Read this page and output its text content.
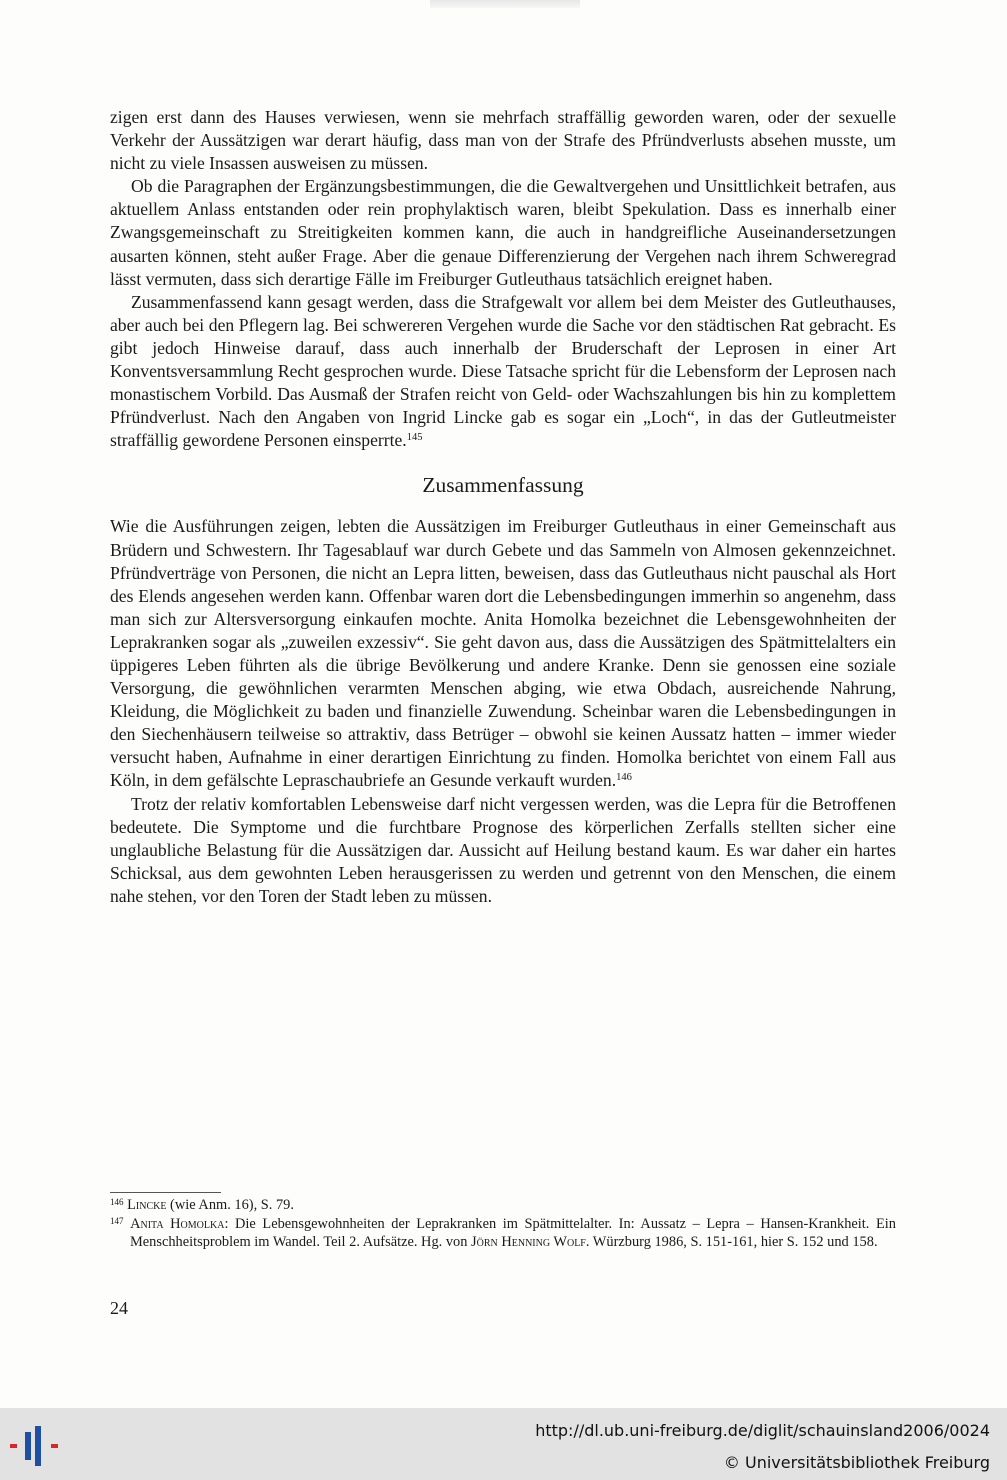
zigen erst dann des Hauses verwiesen, wenn sie mehrfach straffällig geworden waren, oder der sexuelle Verkehr der Aussätzigen war derart häufig, dass man von der Strafe des Pfründverlusts absehen musste, um nicht zu viele Insassen ausweisen zu müssen.

Ob die Paragraphen der Ergänzungsbestimmungen, die die Gewaltvergehen und Unsittlichkeit betrafen, aus aktuellem Anlass entstanden oder rein prophylaktisch waren, bleibt Spekulation. Dass es innerhalb einer Zwangsgemeinschaft zu Streitigkeiten kommen kann, die auch in handgreifliche Auseinandersetzungen ausarten können, steht außer Frage. Aber die genaue Differenzierung der Vergehen nach ihrem Schweregrad lässt vermuten, dass sich derartige Fälle im Freiburger Gutleuthaus tatsächlich ereignet haben.

Zusammenfassend kann gesagt werden, dass die Strafgewalt vor allem bei dem Meister des Gutleuthauses, aber auch bei den Pflegern lag. Bei schwereren Vergehen wurde die Sache vor den städtischen Rat gebracht. Es gibt jedoch Hinweise darauf, dass auch innerhalb der Bruderschaft der Leprosen in einer Art Konventsversammlung Recht gesprochen wurde. Diese Tatsache spricht für die Lebensform der Leprosen nach monastischem Vorbild. Das Ausmaß der Strafen reicht von Geld- oder Wachszahlungen bis hin zu komplettem Pfründverlust. Nach den Angaben von Ingrid Lincke gab es sogar ein „Loch“, in das der Gutleutmeister straffällig gewordene Personen einsperrte.$^{145}$

Zusammenfassung

Wie die Ausführungen zeigen, lebten die Aussätzigen im Freiburger Gutleuthaus in einer Gemeinschaft aus Brüdern und Schwestern. Ihr Tagesablauf war durch Gebete und das Sammeln von Almosen gekennzeichnet. Pfründverträge von Personen, die nicht an Lepra litten, beweisen, dass das Gutleuthaus nicht pauschal als Hort des Elends angesehen werden kann. Offenbar waren dort die Lebensbedingungen immerhin so angenehm, dass man sich zur Altersversorgung einkaufen mochte. Anita Homolka bezeichnet die Lebensgewohnheiten der Leprakranken sogar als „zuweilen exzessiv“. Sie geht davon aus, dass die Aussätzigen des Spätmittelalters ein üppigeres Leben führten als die übrige Bevölkerung und andere Kranke. Denn sie genossen eine soziale Versorgung, die gewöhnlichen verarmten Menschen abging, wie etwa Obdach, ausreichende Nahrung, Kleidung, die Möglichkeit zu baden und finanzielle Zuwendung. Scheinbar waren die Lebensbedingungen in den Siechenhäusern teilweise so attraktiv, dass Betrüger – obwohl sie keinen Aussatz hatten – immer wieder versucht haben, Aufnahme in einer derartigen Einrichtung zu finden. Homolka berichtet von einem Fall aus Köln, in dem gefälschte Lepraschaubriefe an Gesunde verkauft wurden.$^{146}$

Trotz der relativ komfortablen Lebensweise darf nicht vergessen werden, was die Lepra für die Betroffenen bedeutete. Die Symptome und die furchtbare Prognose des körperlichen Zerfalls stellten sicher eine unglaubliche Belastung für die Aussätzigen dar. Aussicht auf Heilung bestand kaum. Es war daher ein hartes Schicksal, aus dem gewohnten Leben herausgerissen zu werden und getrennt von den Menschen, die einem nahe stehen, vor den Toren der Stadt leben zu müssen.

$^{146}$ Lincke (wie Anm. 16), S. 79.

$^{147}$ Anita Homolka: Die Lebensgewohnheiten der Leprakranken im Spätmittelalter. In: Aussatz – Lepra – Hansen-Krankheit. Ein Menschheitsproblem im Wandel. Teil 2. Aufsätze. Hg. von Jörn Henning Wolf. Würzburg 1986, S. 151-161, hier S. 152 und 158.

24
http://dl.ub.uni-freiburg.de/diglit/schauinsland2006/0024
© Universitätsbibliothek Freiburg
